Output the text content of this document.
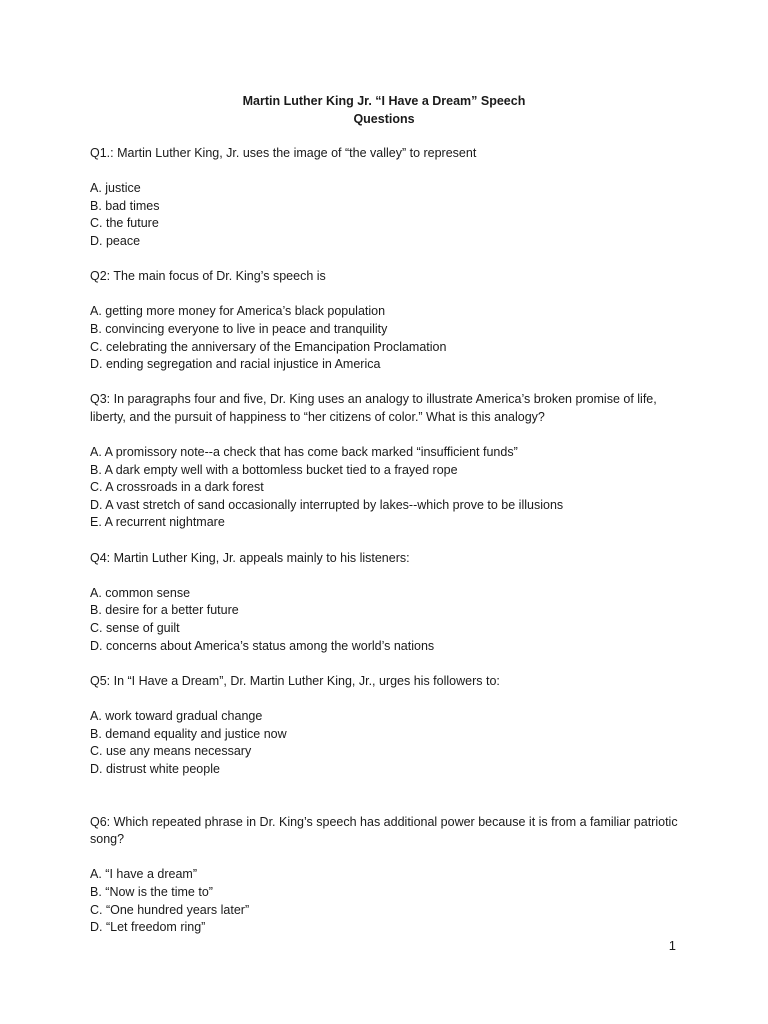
Martin Luther King Jr. “I Have a Dream” Speech
Questions

Q1.: Martin Luther King, Jr. uses the image of “the valley” to represent

A. justice

B. bad times

C. the future

D. peace

Q2: The main focus of Dr. King’s speech is

A. getting more money for America’s black population

B. convincing everyone to live in peace and tranquility

C. celebrating the anniversary of the Emancipation Proclamation

D. ending segregation and racial injustice in America

Q3: In paragraphs four and five, Dr. King uses an analogy to illustrate America’s broken promise of life, liberty, and the pursuit of happiness to “her citizens of color.” What is this analogy?

A. A promissory note--a check that has come back marked “insufficient funds”

B. A dark empty well with a bottomless bucket tied to a frayed rope

C. A crossroads in a dark forest

D. A vast stretch of sand occasionally interrupted by lakes--which prove to be illusions

E. A recurrent nightmare

Q4: Martin Luther King, Jr. appeals mainly to his listeners:

A. common sense

B. desire for a better future

C. sense of guilt

D. concerns about America’s status among the world’s nations

Q5: In “I Have a Dream”, Dr. Martin Luther King, Jr., urges his followers to:

A. work toward gradual change

B. demand equality and justice now

C. use any means necessary

D. distrust white people

Q6: Which repeated phrase in Dr. King’s speech has additional power because it is from a familiar patriotic song?

A. “I have a dream”

B. “Now is the time to”

C. “One hundred years later”

D. “Let freedom ring”

1
